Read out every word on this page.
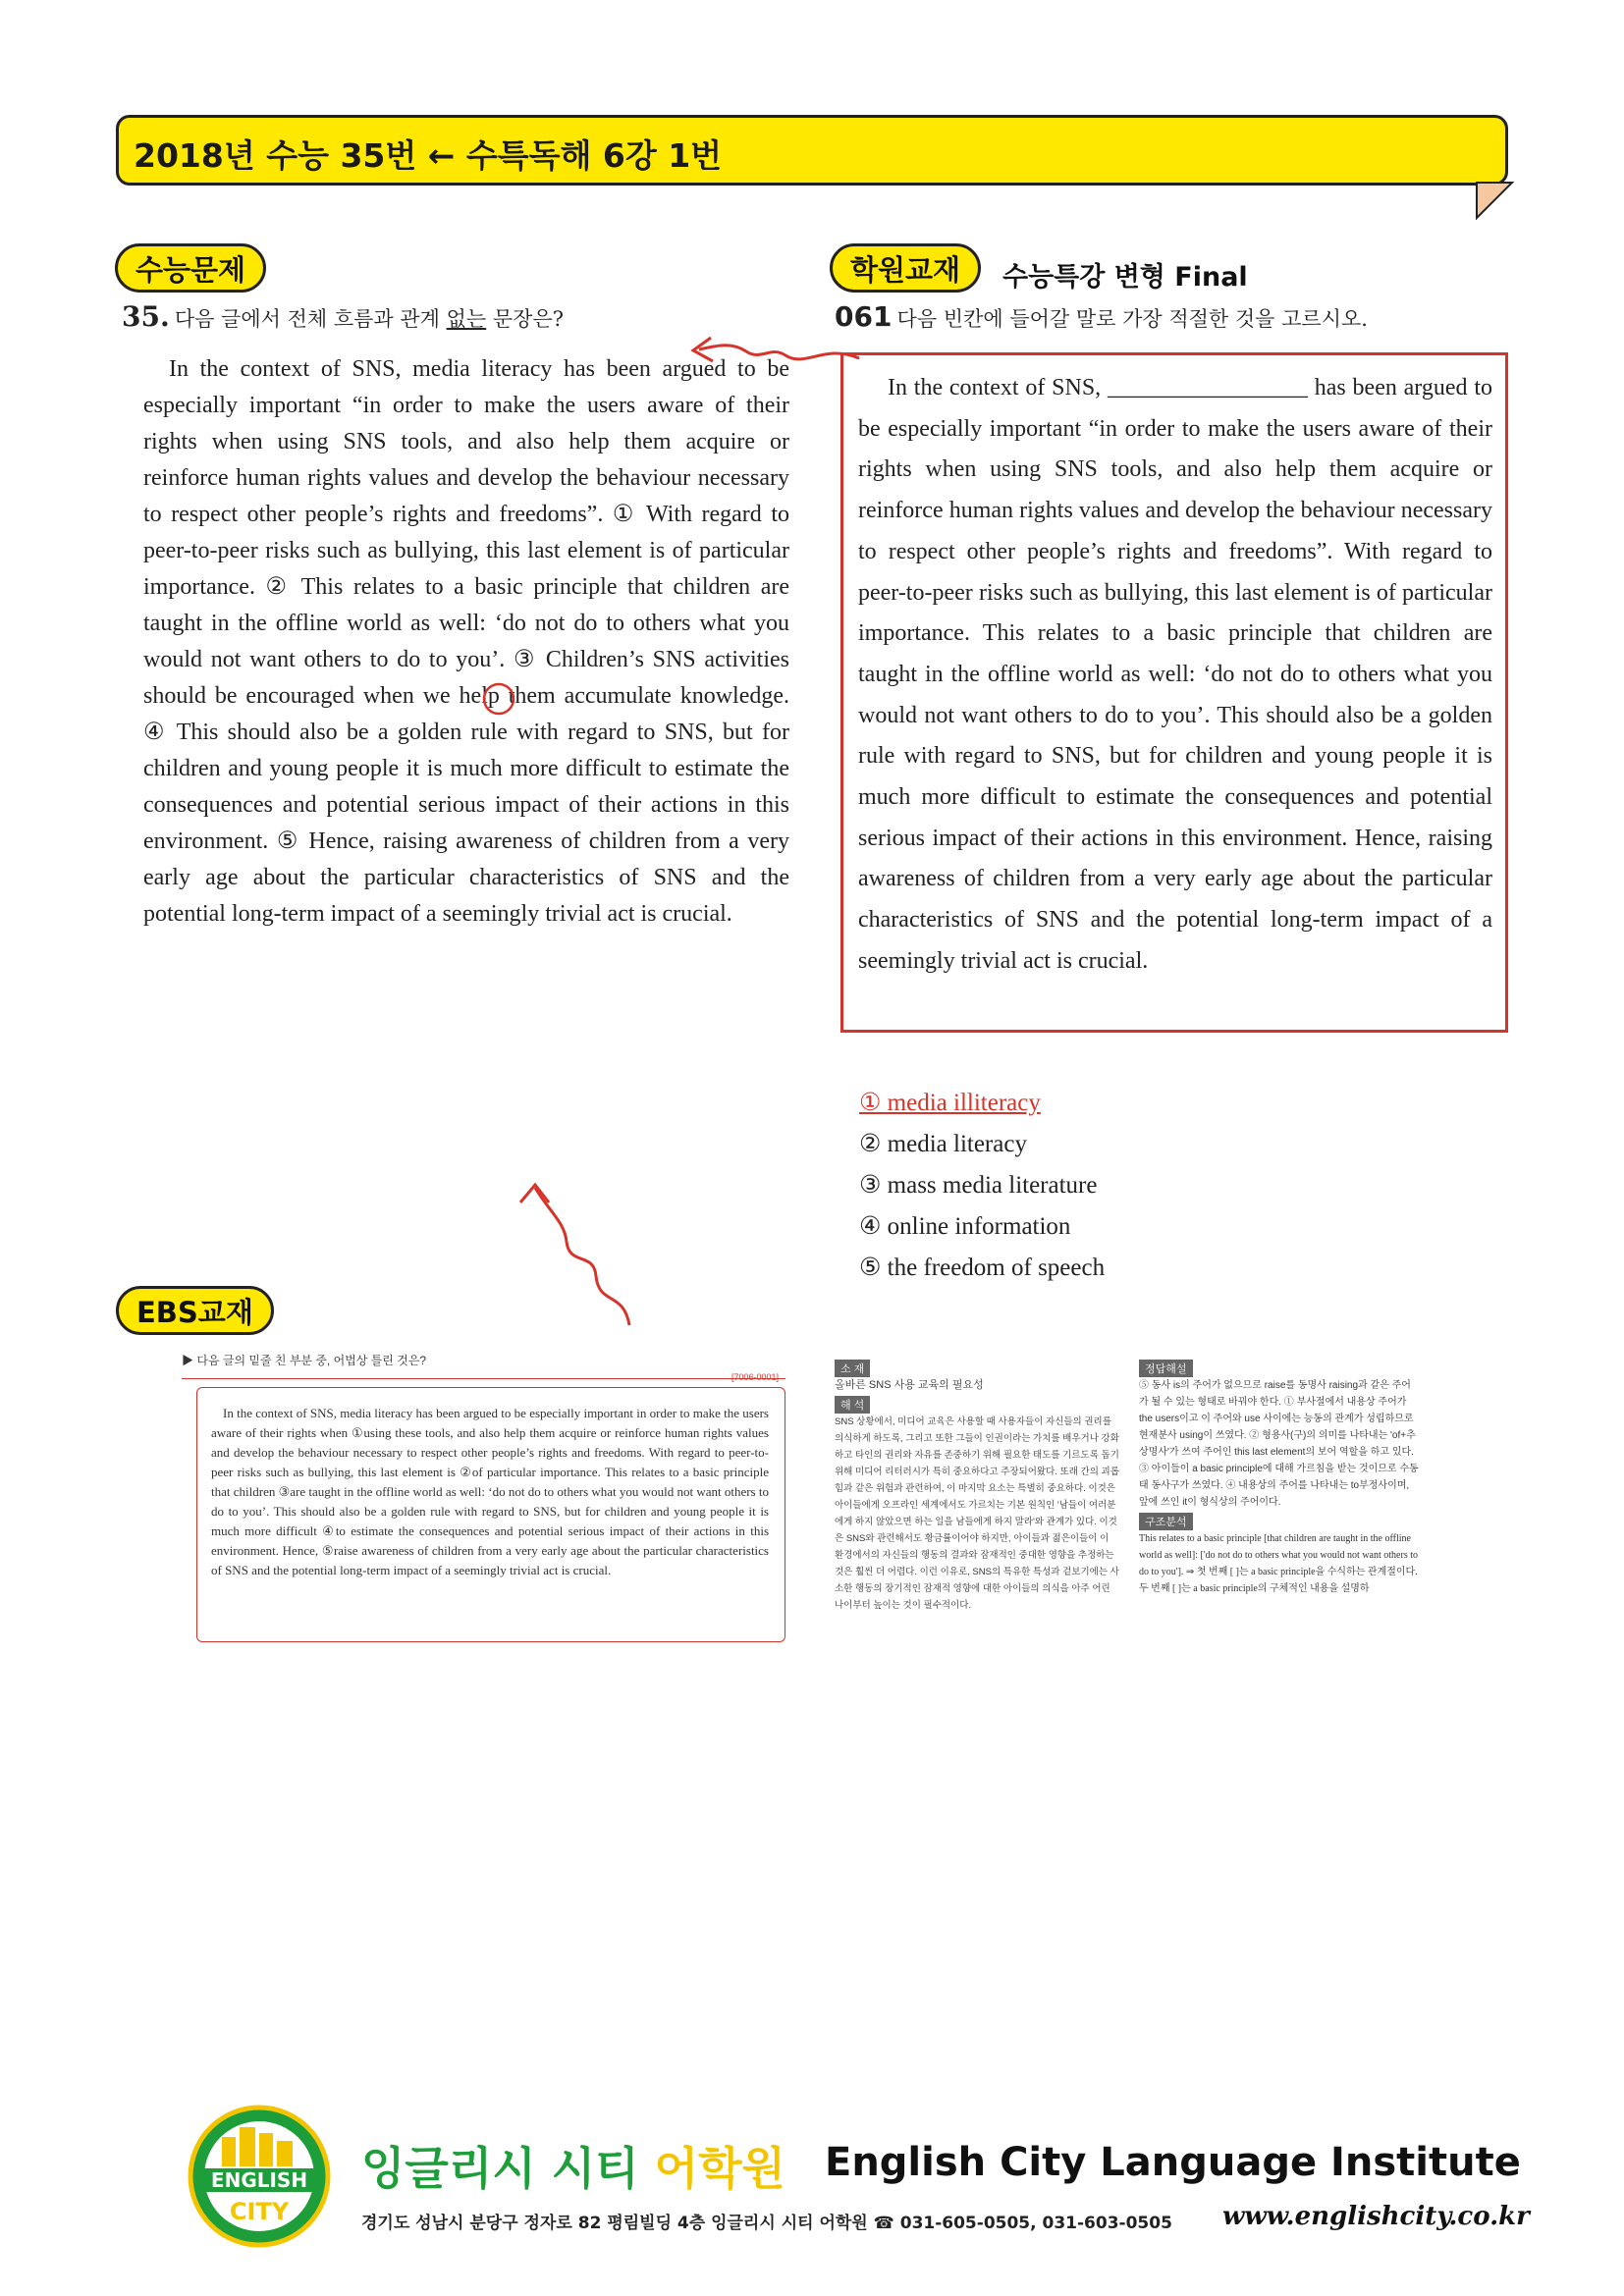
2018년 수능 35번 ← 수특독해 6강 1번
수능문제
35. 다음 글에서 전체 흐름과 관계 없는 문장은?
In the context of SNS, media literacy has been argued to be especially important “in order to make the users aware of their rights when using SNS tools, and also help them acquire or reinforce human rights values and develop the behaviour necessary to respect other people’s rights and freedoms”. ① With regard to peer-to-peer risks such as bullying, this last element is of particular importance. ② This relates to a basic principle that children are taught in the offline world as well: ‘do not do to others what you would not want others to do to you’. ③ Children’s SNS activities should be encouraged when we help them accumulate knowledge. ④ This should also be a golden rule with regard to SNS, but for children and young people it is much more difficult to estimate the consequences and potential serious impact of their actions in this environment. ⑤ Hence, raising awareness of children from a very early age about the particular characteristics of SNS and the potential long-term impact of a seemingly trivial act is crucial.
학원교재	수능특강 변형 Final
061 다음 빈칸에 들어갈 말로 가장 적절한 것을 고르시오.
In the context of SNS, _________________ has been argued to be especially important “in order to make the users aware of their rights when using SNS tools, and also help them acquire or reinforce human rights values and develop the behaviour necessary to respect other people’s rights and freedoms”. With regard to peer-to-peer risks such as bullying, this last element is of particular importance. This relates to a basic principle that children are taught in the offline world as well: ‘do not do to others what you would not want others to do to you’. This should also be a golden rule with regard to SNS, but for children and young people it is much more difficult to estimate the consequences and potential serious impact of their actions in this environment. Hence, raising awareness of children from a very early age about the particular characteristics of SNS and the potential long-term impact of a seemingly trivial act is crucial.
① media illiteracy
② media literacy
③ mass media literature
④ online information
⑤ the freedom of speech
EBS교재
▶ 다음 글의 밑줄 친 부분 중, 어법상 틀린 것은?
[7006-0001]
In the context of SNS, media literacy has been argued to be especially important in order to make the users aware of their rights when ①using these tools, and also help them acquire or reinforce human rights values and develop the behaviour necessary to respect other people’s rights and freedoms. With regard to peer-to-peer risks such as bullying, this last element is ②of particular importance. This relates to a basic principle that children ③are taught in the offline world as well: ‘do not do to others what you would not want others to do to you’. This should also be a golden rule with regard to SNS, but for children and young people it is much more difficult ④to estimate the consequences and potential serious impact of their actions in this environment. Hence, ⑤raise awareness of children from a very early age about the particular characteristics of SNS and the potential long-term impact of a seemingly trivial act is crucial.
소 재
올바른 SNS 사용 교육의 필요성
해 석
SNS 상황에서, 미디어 교육은 사용할 때 사용자들이 자신들의 권리를 의식하게 하도록, 그리고 또한 그들이 인권이라는 가치를 배우거나 강화하고 타인의 권리와 자유를 존중하기 위해 필요한 태도를 기르도록 돕기 위해 미디어 리터러시가 특히 중요하다고 주장되어왔다. 또래 간의 괴롭힘과 같은 위험과 관련하여, 이 마지막 요소는 특별히 중요하다. 이것은 아이들에게 오프라인 세계에서도 가르치는 기본 원칙인 '남들이 여러분에게 하지 않았으면 하는 일을 남들에게 하지 말라'와 관계가 있다. 이것은 SNS와 관련해서도 황금률이어야 하지만, 아이들과 젊은이들이 이 환경에서의 자신들의 행동의 결과와 잠재적인 중대한 영향을 추정하는 것은 훨씬 더 어렵다. 이런 이유로, SNS의 특유한 특성과 겉보기에는 사소한 행동의 장기적인 잠재적 영향에 대한 아이들의 의식을 아주 어린 나이부터 높이는 것이 필수적이다.
정답해설
⑤ 동사 is의 주어가 없으므로 raise를 동명사 raising과 같은 주어가 될 수 있는 형태로 바꿔야 한다. ① 부사절에서 내용상 주어가 the users이고 이 주어와 use 사이에는 능동의 관계가 성립하므로 현재분사 using이 쓰였다. ② 형용사(구)의 의미를 나타내는 'of+추상명사'가 쓰여 주어인 this last element의 보어 역할을 하고 있다. ③ 아이들이 a basic principle에 대해 가르침을 받는 것이므로 수동태 동사구가 쓰였다. ④ 내용상의 주어를 나타내는 to부정사이며, 앞에 쓰인 it이 형식상의 주어이다.
구조분석
This relates to a basic principle [that children are taught in the offline world as well]: ['do not do to others what you would not want others to do to you']. ⇒ 첫 번째 [ ]는 a basic principle을 수식하는 관계절이다. 두 번째 [ ]는 a basic principle의 구체적인 내용을 설명하
ENGLISH
CITY
잉글리시 시티 어학원 English City Language Institute
경기도 성남시 분당구 정자로 82 평림빌딩 4층 잉글리시 시티 어학원 ☎ 031-605-0505, 031-603-0505 www.englishcity.co.kr
